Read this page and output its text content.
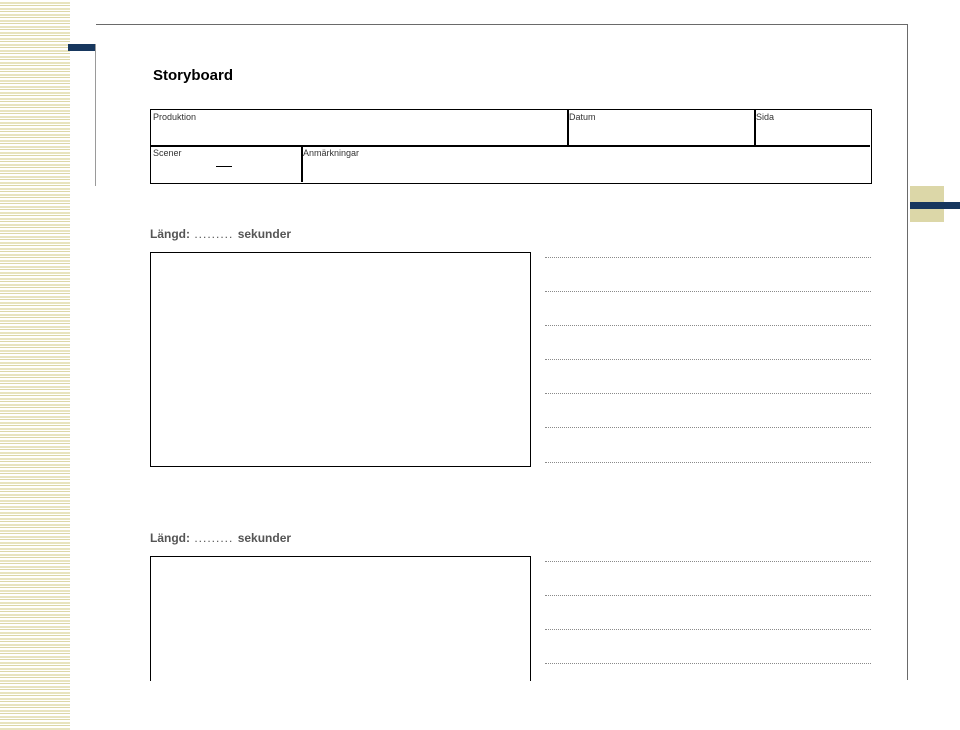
Storyboard
Produktion	Datum	Sida
Scener	Anmärkningar
Längd: ......... sekunder
Längd: ......... sekunder
